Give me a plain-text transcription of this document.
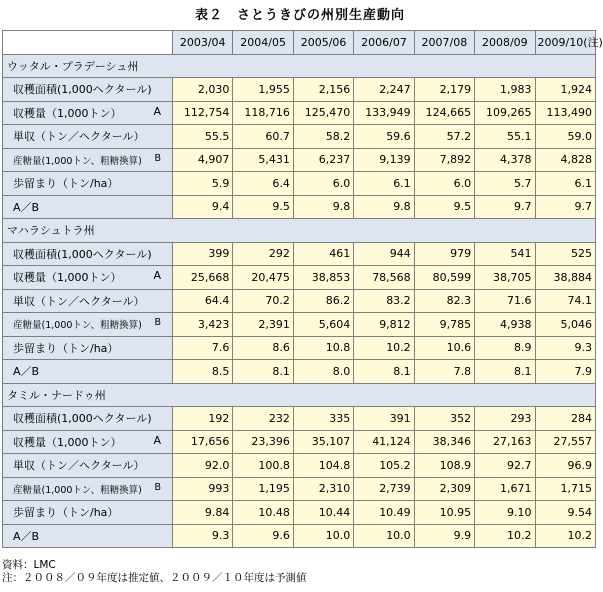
表２　さとうきびの州別生産動向
	2003/04	2004/05	2005/06	2006/07	2007/08	2008/09	2009/10(注)
ウッタル・プラデーシュ州							

収穫面積(1,000ヘクタール)	2,030	1,955	2,156	2,247	2,179	1,983	1,924

収穫量（1,000トン） A	112,754	118,716	125,470	133,949	124,665	109,265	113,490

単収（トン／ヘクタール）	55.5	60.7	58.2	59.6	57.2	55.1	59.0

産糖量(1,000トン、粗糖換算) B	4,907	5,431	6,237	9,139	7,892	4,378	4,828

歩留まり（トン/ha）	5.9	6.4	6.0	6.1	6.0	5.7	6.1

A／B	9.4	9.5	9.8	9.8	9.5	9.7	9.7
マハラシュトラ州							

収穫面積(1,000ヘクタール)	399	292	461	944	979	541	525

収穫量（1,000トン） A	25,668	20,475	38,853	78,568	80,599	38,705	38,884

単収（トン／ヘクタール）	64.4	70.2	86.2	83.2	82.3	71.6	74.1

産糖量(1,000トン、粗糖換算) B	3,423	2,391	5,604	9,812	9,785	4,938	5,046

歩留まり（トン/ha）	7.6	8.6	10.8	10.2	10.6	8.9	9.3

A／B	8.5	8.1	8.0	8.1	7.8	8.1	7.9
タミル・ナードゥ州							

収穫面積(1,000ヘクタール)	192	232	335	391	352	293	284

収穫量（1,000トン） A	17,656	23,396	35,107	41,124	38,346	27,163	27,557

単収（トン／ヘクタール）	92.0	100.8	104.8	105.2	108.9	92.7	96.9

産糖量(1,000トン、粗糖換算) B	993	1,195	2,310	2,739	2,309	1,671	1,715

歩留まり（トン/ha）	9.84	10.48	10.44	10.49	10.95	9.10	9.54

A／B	9.3	9.6	10.0	10.0	9.9	10.2	10.2
資料：LMC
注：２００８／０９年度は推定値、２００９／１０年度は予測値
